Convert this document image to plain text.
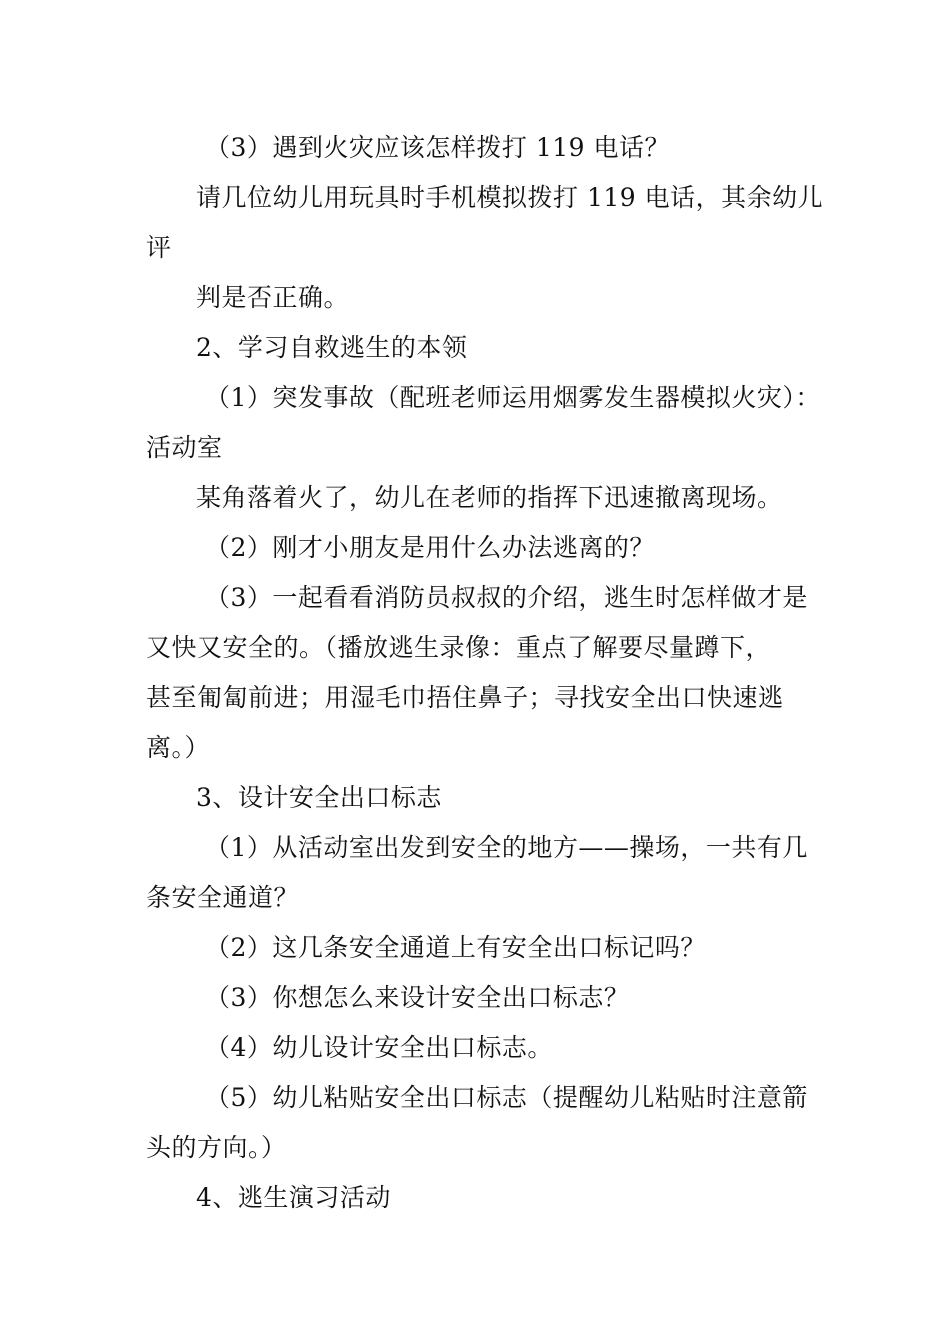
（3）遇到火灾应该怎样拨打 119 电话？
请几位幼儿用玩具时手机模拟拨打 119 电话，其余幼儿
评
判是否正确。
2、学习自救逃生的本领
（1）突发事故（配班老师运用烟雾发生器模拟火灾）：
活动室
某角落着火了，幼儿在老师的指挥下迅速撤离现场。
（2）刚才小朋友是用什么办法逃离的？
（3）一起看看消防员叔叔的介绍，逃生时怎样做才是
又快又安全的。（播放逃生录像：重点了解要尽量蹲下，
甚至匍匐前进；用湿毛巾捂住鼻子；寻找安全出口快速逃
离。）
3、设计安全出口标志
（1）从活动室出发到安全的地方——操场，一共有几
条安全通道？
（2）这几条安全通道上有安全出口标记吗？
（3）你想怎么来设计安全出口标志？
（4）幼儿设计安全出口标志。
（5）幼儿粘贴安全出口标志（提醒幼儿粘贴时注意箭
头的方向。）
4、逃生演习活动
